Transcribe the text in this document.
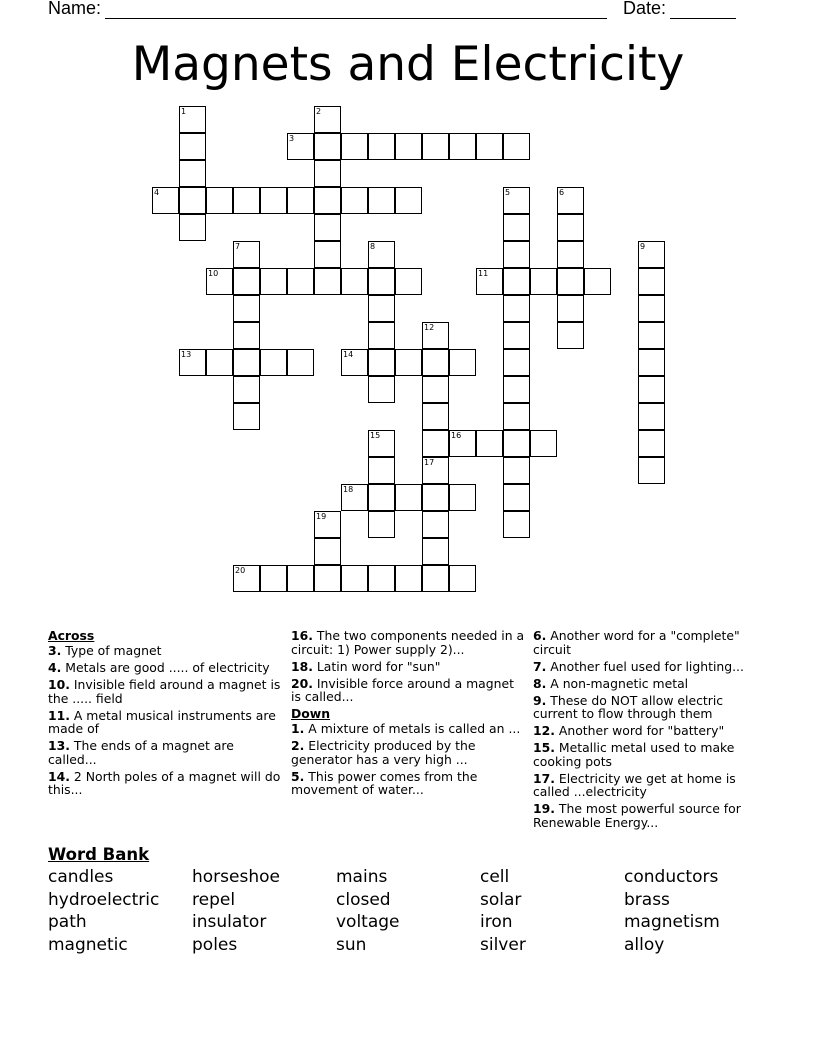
Name:	Date:
Magnets and Electricity
1	2
3
4	5	6
7	8	9
10	11
12
13	14
15	16
17
18
19
20
Across
3. Type of magnet
4. Metals are good ..... of electricity
10. Invisible field around a magnet is the ..... field
11. A metal musical instruments are made of
13. The ends of a magnet are called...
14. 2 North poles of a magnet will do this...
16. The two components needed in a circuit: 1) Power supply 2)...
18. Latin word for "sun"
20. Invisible force around a magnet is called...
Down
1. A mixture of metals is called an ...
2. Electricity produced by the generator has a very high ...
5. This power comes from the movement of water...
6. Another word for a "complete" circuit
7. Another fuel used for lighting...
8. A non-magnetic metal
9. These do NOT allow electric current to flow through them
12. Another word for "battery"
15. Metallic metal used to make cooking pots
17. Electricity we get at home is called ...electricity
19. The most powerful source for Renewable Energy...
Word Bank
candles
hydroelectric
path
magnetic
horseshoe
repel
insulator
poles
mains
closed
voltage
sun
cell
solar
iron
silver
conductors
brass
magnetism
alloy
